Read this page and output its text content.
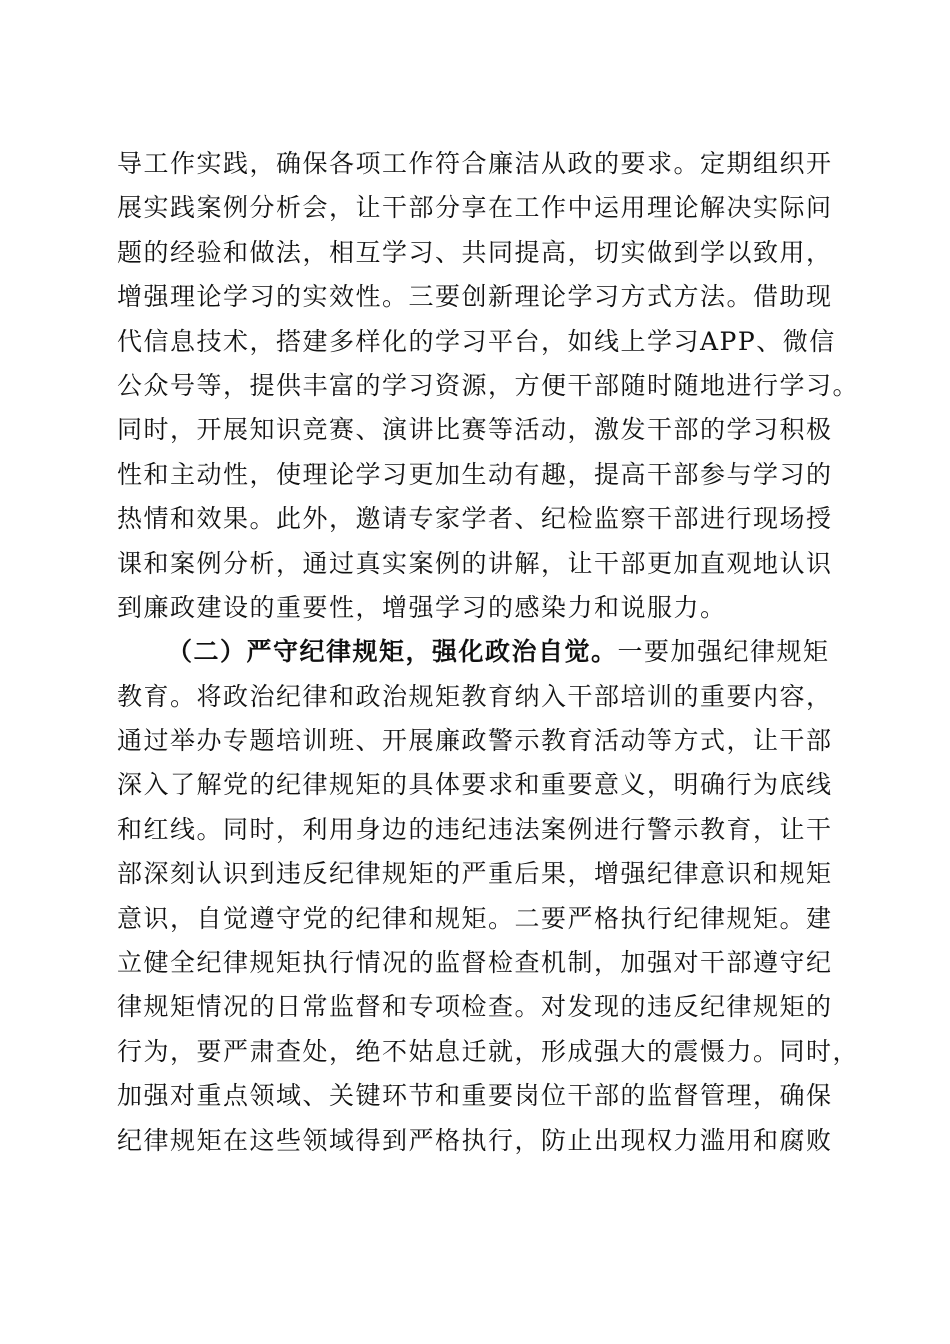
导工作实践，确保各项工作符合廉洁从政的要求。定期组织开
展实践案例分析会，让干部分享在工作中运用理论解决实际问
题的经验和做法，相互学习、共同提高，切实做到学以致用，
增强理论学习的实效性。三要创新理论学习方式方法。借助现
代信息技术，搭建多样化的学习平台，如线上学习APP、微信
公众号等，提供丰富的学习资源，方便干部随时随地进行学习。
同时，开展知识竞赛、演讲比赛等活动，激发干部的学习积极
性和主动性，使理论学习更加生动有趣，提高干部参与学习的
热情和效果。此外，邀请专家学者、纪检监察干部进行现场授
课和案例分析，通过真实案例的讲解，让干部更加直观地认识
到廉政建设的重要性，增强学习的感染力和说服力。
（二）严守纪律规矩，强化政治自觉。一要加强纪律规矩
教育。将政治纪律和政治规矩教育纳入干部培训的重要内容，
通过举办专题培训班、开展廉政警示教育活动等方式，让干部
深入了解党的纪律规矩的具体要求和重要意义，明确行为底线
和红线。同时，利用身边的违纪违法案例进行警示教育，让干
部深刻认识到违反纪律规矩的严重后果，增强纪律意识和规矩
意识，自觉遵守党的纪律和规矩。二要严格执行纪律规矩。建
立健全纪律规矩执行情况的监督检查机制，加强对干部遵守纪
律规矩情况的日常监督和专项检查。对发现的违反纪律规矩的
行为，要严肃查处，绝不姑息迁就，形成强大的震慑力。同时，
加强对重点领域、关键环节和重要岗位干部的监督管理，确保
纪律规矩在这些领域得到严格执行，防止出现权力滥用和腐败
